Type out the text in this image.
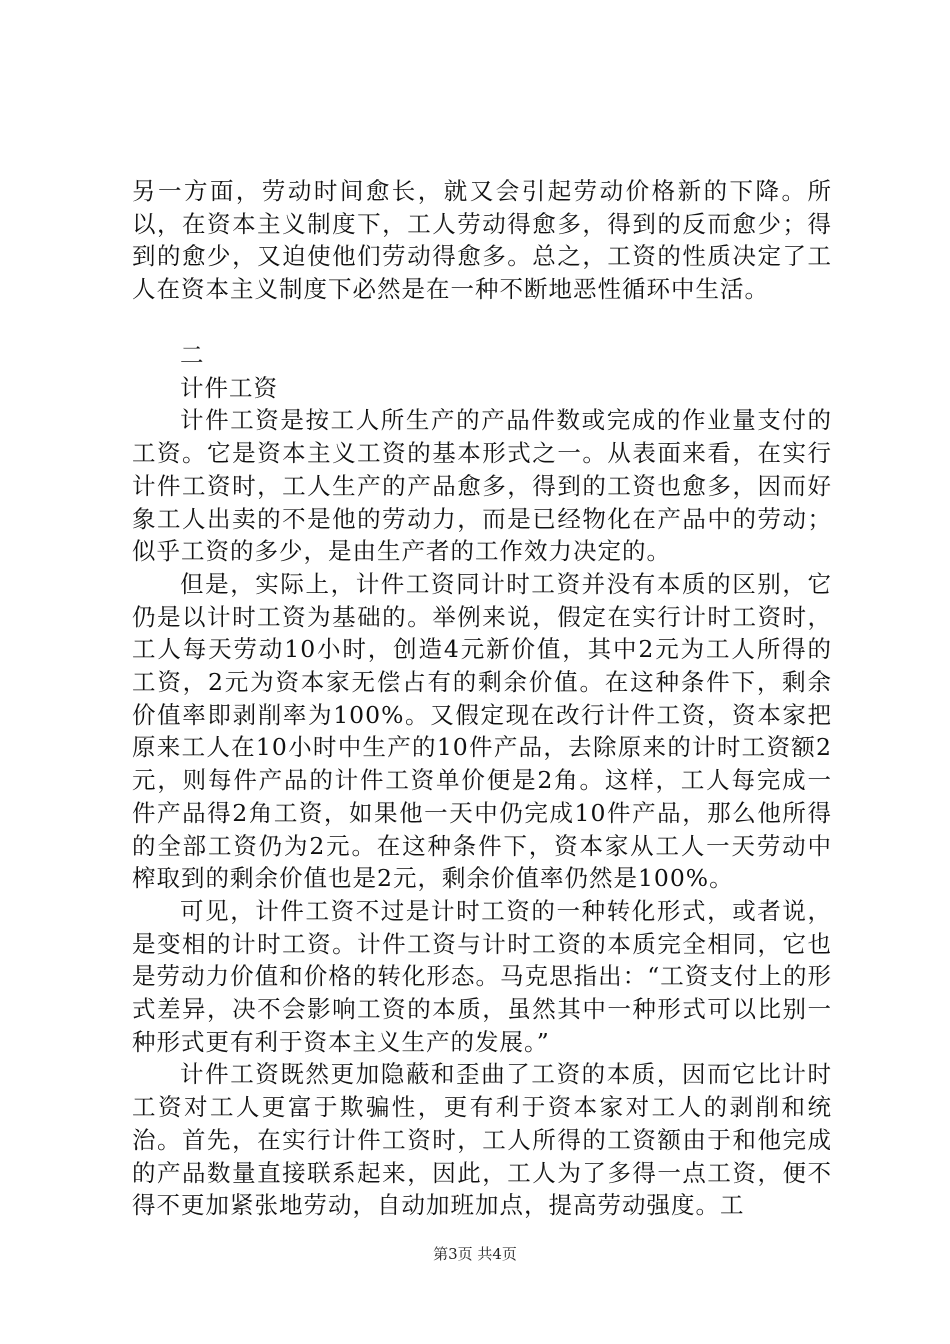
另一方面，劳动时间愈长，就又会引起劳动价格新的下降。所以，在资本主义制度下，工人劳动得愈多，得到的反而愈少；得到的愈少，又迫使他们劳动得愈多。总之，工资的性质决定了工人在资本主义制度下必然是在一种不断地恶性循环中生活。

二

计件工资

计件工资是按工人所生产的产品件数或完成的作业量支付的工资。它是资本主义工资的基本形式之一。从表面来看，在实行计件工资时，工人生产的产品愈多，得到的工资也愈多，因而好象工人出卖的不是他的劳动力，而是已经物化在产品中的劳动；似乎工资的多少，是由生产者的工作效力决定的。

但是，实际上，计件工资同计时工资并没有本质的区别，它仍是以计时工资为基础的。举例来说，假定在实行计时工资时，工人每天劳动10小时，创造4元新价值，其中2元为工人所得的工资，2元为资本家无偿占有的剩余价值。在这种条件下，剩余价值率即剥削率为100%。又假定现在改行计件工资，资本家把原来工人在10小时中生产的10件产品，去除原来的计时工资额2元，则每件产品的计件工资单价便是2角。这样，工人每完成一件产品得2角工资，如果他一天中仍完成10件产品，那么他所得的全部工资仍为2元。在这种条件下，资本家从工人一天劳动中榨取到的剩余价值也是2元，剩余价值率仍然是100%。

可见，计件工资不过是计时工资的一种转化形式，或者说，是变相的计时工资。计件工资与计时工资的本质完全相同，它也是劳动力价值和价格的转化形态。马克思指出：“工资支付上的形式差异，决不会影响工资的本质，虽然其中一种形式可以比别一种形式更有利于资本主义生产的发展。”

计件工资既然更加隐蔽和歪曲了工资的本质，因而它比计时工资对工人更富于欺骗性，更有利于资本家对工人的剥削和统治。首先，在实行计件工资时，工人所得的工资额由于和他完成的产品数量直接联系起来，因此，工人为了多得一点工资，便不得不更加紧张地劳动，自动加班加点，提高劳动强度。工

第3页 共4页
